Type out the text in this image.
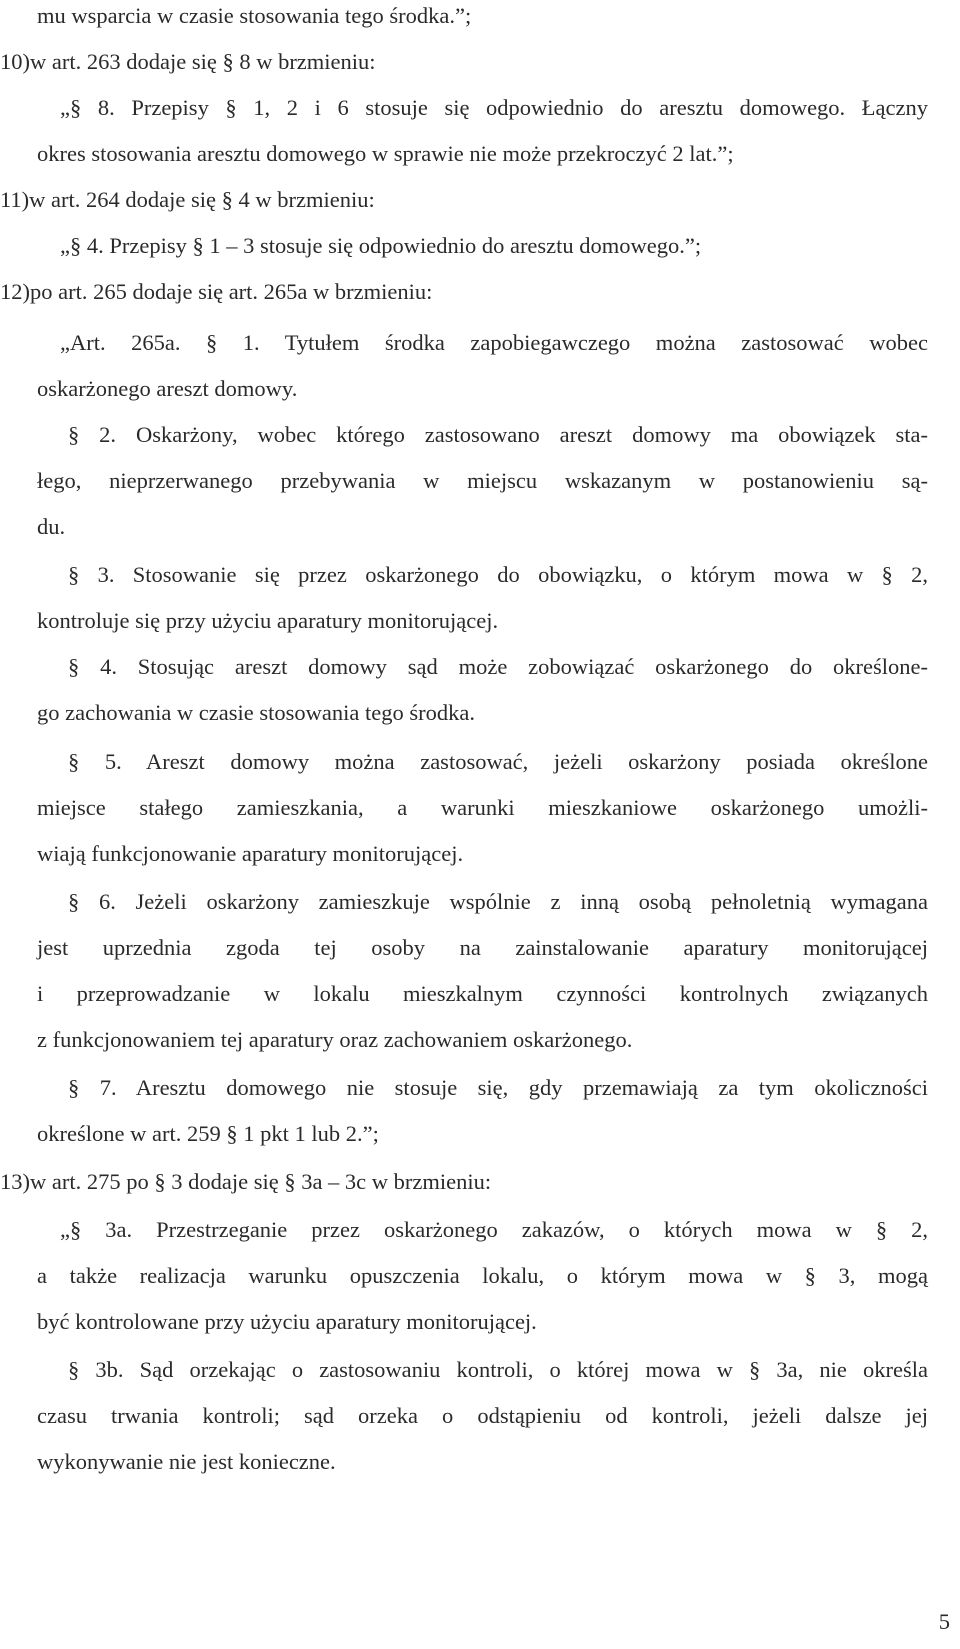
mu wsparcia w czasie stosowania tego środka.”;
10)w art. 263 dodaje się § 8 w brzmieniu:
„§ 8. Przepisy § 1, 2 i 6 stosuje się odpowiednio do aresztu domowego. Łączny
okres stosowania aresztu domowego w sprawie nie może przekroczyć 2 lat.”;
11)w art. 264 dodaje się § 4 w brzmieniu:
„§ 4. Przepisy § 1 – 3 stosuje się odpowiednio do aresztu domowego.”;
12)po art. 265 dodaje się art. 265a w brzmieniu:
„Art. 265a. § 1. Tytułem środka zapobiegawczego można zastosować wobec
oskarżonego areszt domowy.
§ 2. Oskarżony, wobec którego zastosowano areszt domowy ma obowiązek sta-
łego, nieprzerwanego przebywania w miejscu wskazanym w postanowieniu są-
du.
§ 3. Stosowanie się przez oskarżonego do obowiązku, o którym mowa w § 2,
kontroluje się przy użyciu aparatury monitorującej.
§ 4. Stosując areszt domowy sąd może zobowiązać oskarżonego do określone-
go zachowania w czasie stosowania tego środka.
§ 5. Areszt domowy można zastosować, jeżeli oskarżony posiada określone
miejsce stałego zamieszkania, a warunki mieszkaniowe oskarżonego umożli-
wiają funkcjonowanie aparatury monitorującej.
§ 6. Jeżeli oskarżony zamieszkuje wspólnie z inną osobą pełnoletnią wymagana
jest uprzednia zgoda tej osoby na zainstalowanie aparatury monitorującej
i przeprowadzanie w lokalu mieszkalnym czynności kontrolnych związanych
z funkcjonowaniem tej aparatury oraz zachowaniem oskarżonego.
§ 7. Aresztu domowego nie stosuje się, gdy przemawiają za tym okoliczności
określone w art. 259 § 1 pkt 1 lub 2.”;
13)w art. 275 po § 3 dodaje się § 3a – 3c w brzmieniu:
„§ 3a. Przestrzeganie przez oskarżonego zakazów, o których mowa w § 2,
a także realizacja warunku opuszczenia lokalu, o którym mowa w § 3, mogą
być kontrolowane przy użyciu aparatury monitorującej.
§ 3b. Sąd orzekając o zastosowaniu kontroli, o której mowa w § 3a, nie określa
czasu trwania kontroli; sąd orzeka o odstąpieniu od kontroli, jeżeli dalsze jej
wykonywanie nie jest konieczne.
5
